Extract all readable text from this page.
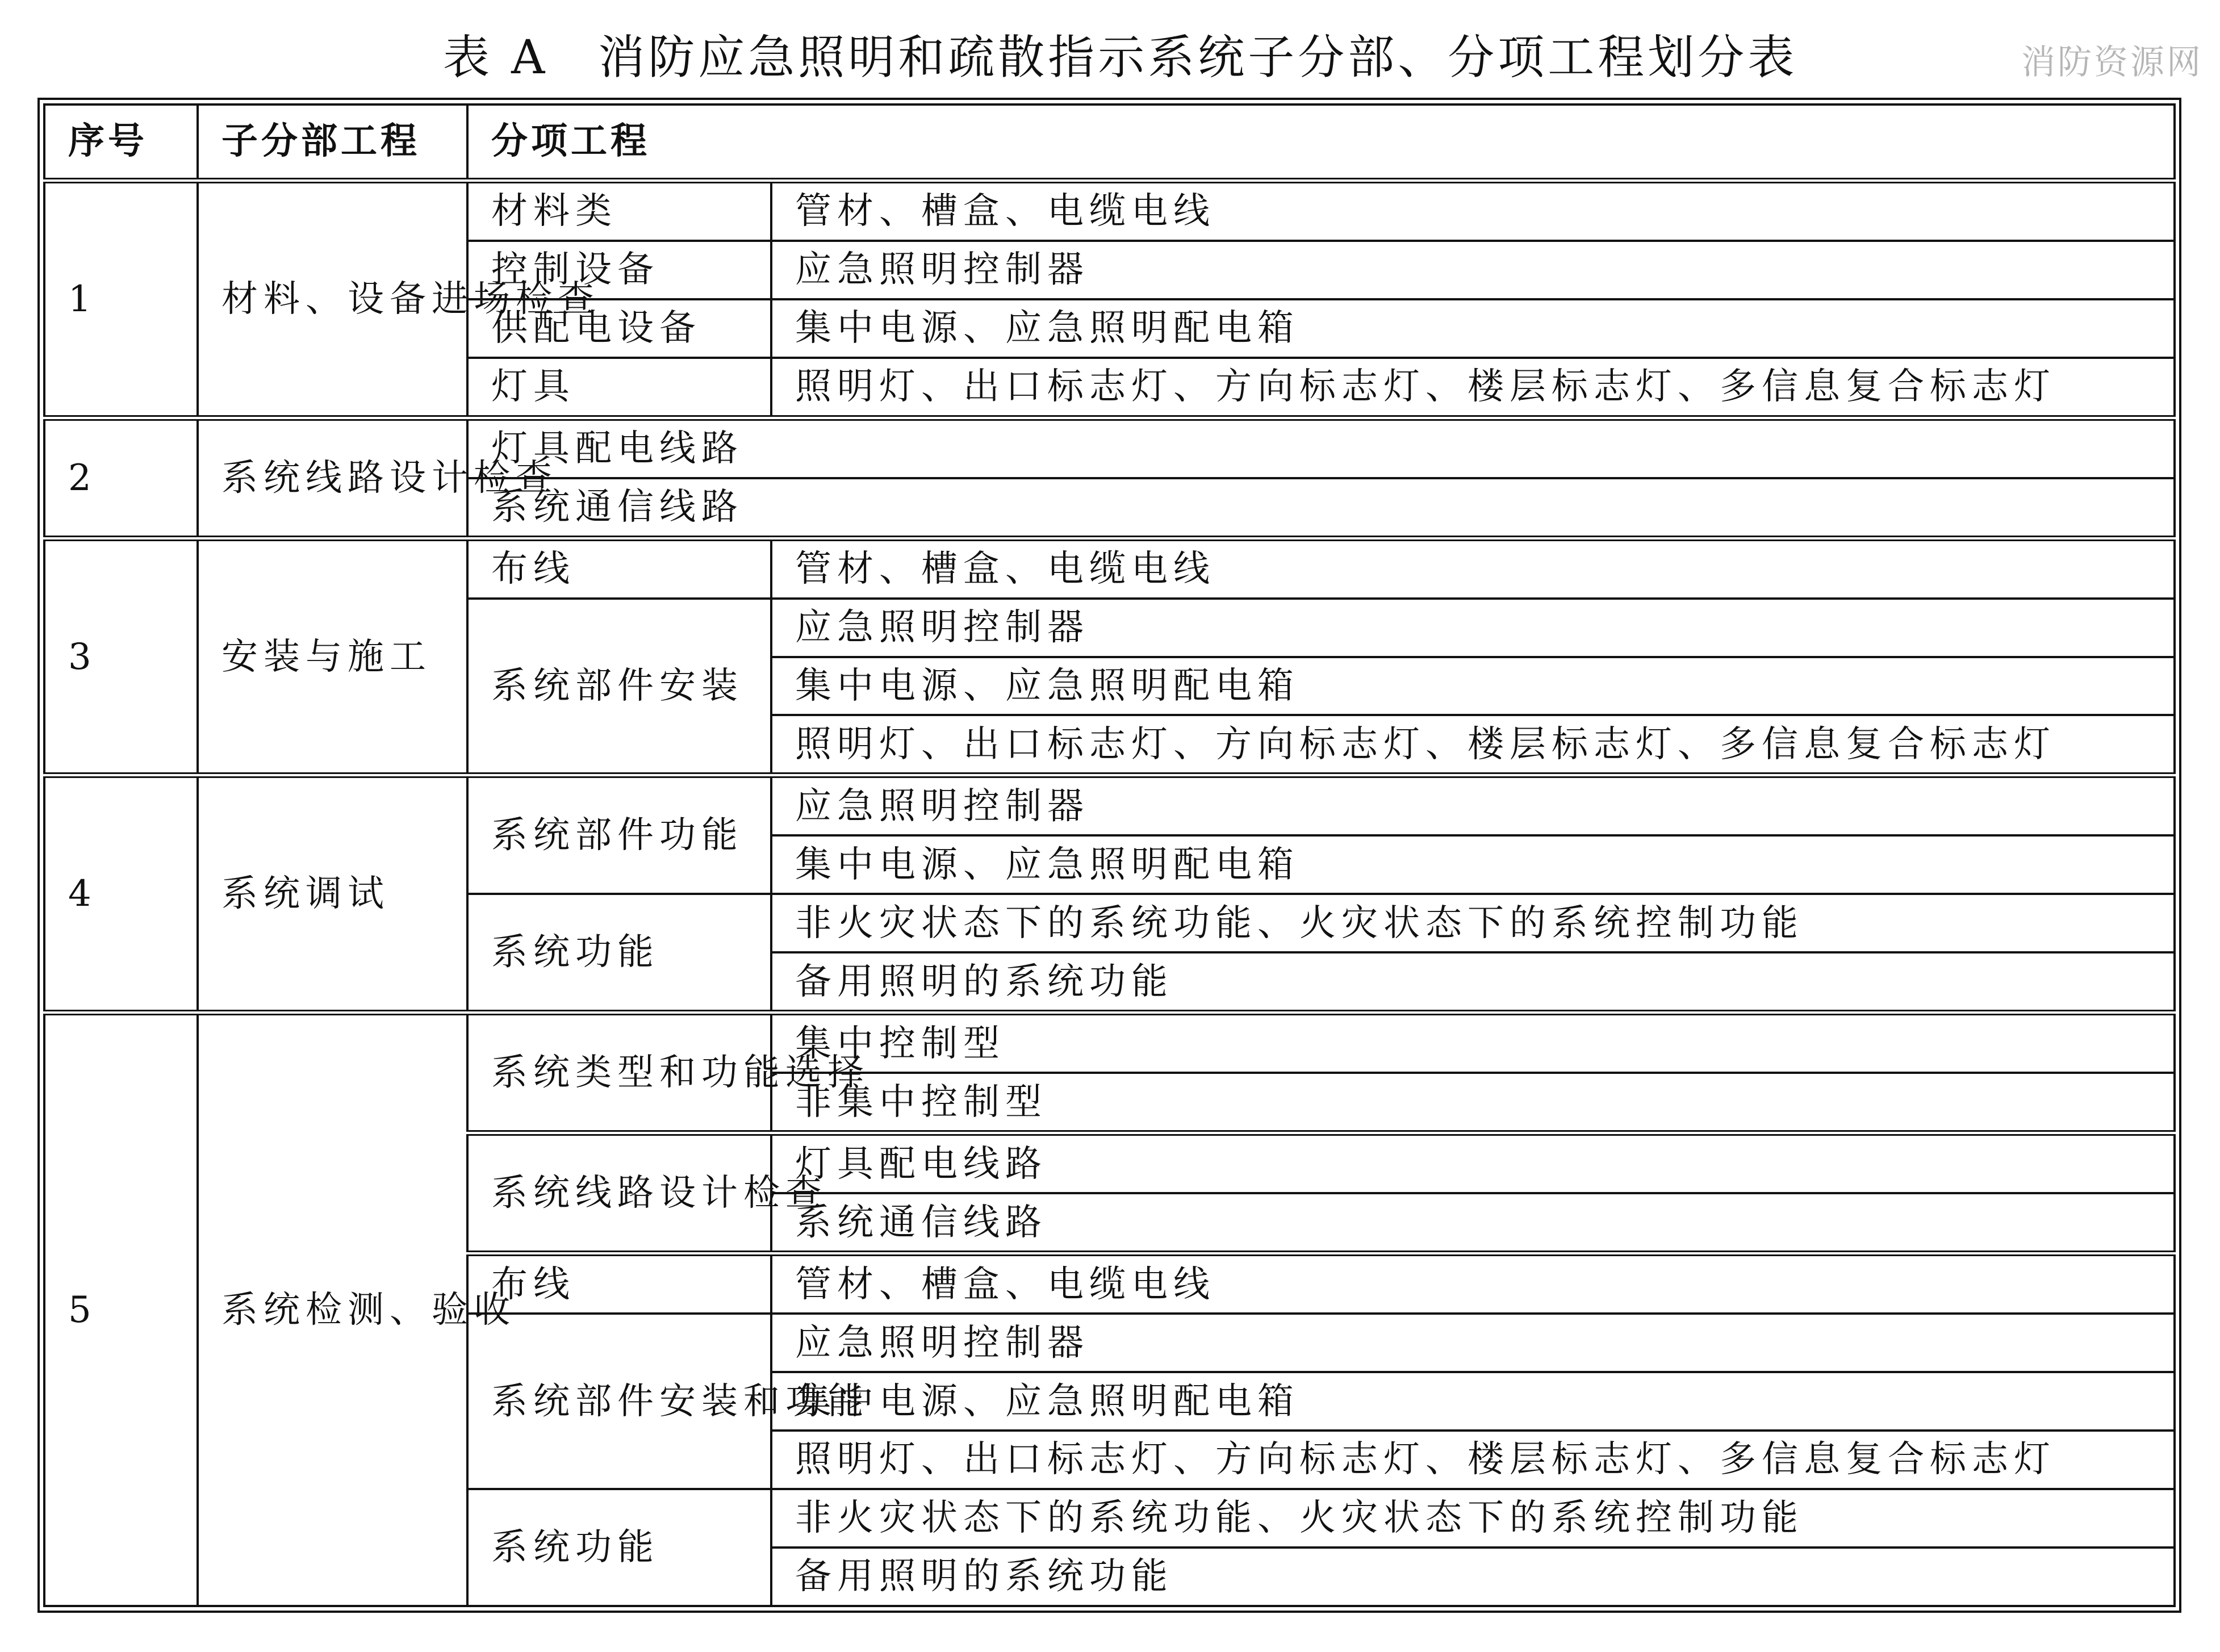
表 A　消防应急照明和疏散指示系统子分部、分项工程划分表	消防资源网
序号	子分部工程	分项工程	
1	材料、设备进场检查	材料类	管材、槽盒、电缆电线
		控制设备	应急照明控制器
		供配电设备	集中电源、应急照明配电箱
		灯具	照明灯、出口标志灯、方向标志灯、楼层标志灯、多信息复合标志灯
2	系统线路设计检查	灯具配电线路	
		系统通信线路	
3	安装与施工	布线	管材、槽盒、电缆电线
		系统部件安装	应急照明控制器
			集中电源、应急照明配电箱
			照明灯、出口标志灯、方向标志灯、楼层标志灯、多信息复合标志灯
4	系统调试	系统部件功能	应急照明控制器
			集中电源、应急照明配电箱
		系统功能	非火灾状态下的系统功能、火灾状态下的系统控制功能
			备用照明的系统功能
5	系统检测、验收	系统类型和功能选择	集中控制型
			非集中控制型
		系统线路设计检查	灯具配电线路
			系统通信线路
		布线	管材、槽盒、电缆电线
		系统部件安装和功能	应急照明控制器
			集中电源、应急照明配电箱
			照明灯、出口标志灯、方向标志灯、楼层标志灯、多信息复合标志灯
		系统功能	非火灾状态下的系统功能、火灾状态下的系统控制功能
			备用照明的系统功能
